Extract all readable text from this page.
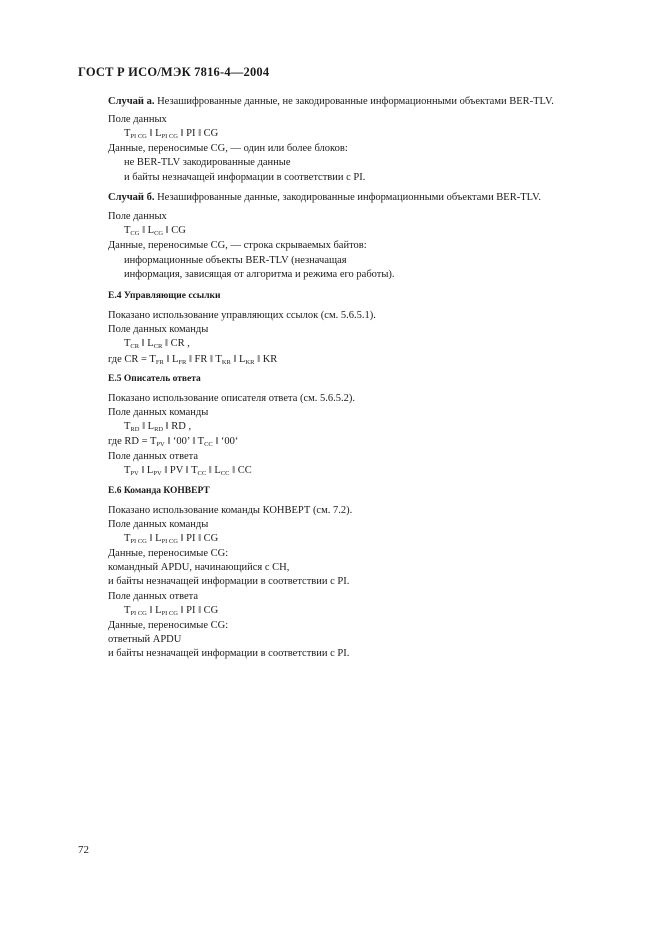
ГОСТ Р ИСО/МЭК 7816-4—2004
Случай а. Незашифрованные данные, не закодированные информационными объектами BER-TLV.
Поле данных
$T_{PI CG}$ ǁ $L_{PI CG}$ ǁ PI ǁ CG
Данные, переносимые CG, — один или более блоков:
не BER-TLV закодированные данные
и байты незначащей информации в соответствии с PI.
Случай б. Незашифрованные данные, закодированные информационными объектами BER-TLV.
Поле данных
$T_{CG}$ ǁ $L_{CG}$ ǁ CG
Данные, переносимые CG, — строка скрываемых байтов:
информационные объекты BER-TLV (незначащая
информация, зависящая от алгоритма и режима его работы).
Е.4 Управляющие ссылки
Показано использование управляющих ссылок (см. 5.6.5.1).
Поле данных команды
$T_{CR}$ ǁ $L_{CR}$ ǁ CR ,
где CR = $T_{FR}$ ǁ $L_{FR}$ ǁ FR ǁ $T_{KR}$ ǁ $L_{KR}$ ǁ KR
Е.5 Описатель ответа
Показано использование описателя ответа (см. 5.6.5.2).
Поле данных команды
$T_{RD}$ ǁ $L_{RD}$ ǁ RD ,
где RD = $T_{PV}$ ǁ ‘00’ ǁ $T_{CC}$ ǁ ‘00‘
Поле данных ответа
$T_{PV}$ ǁ $L_{PV}$ ǁ PV ǁ $T_{CC}$ ǁ $L_{CC}$ ǁ CC
Е.6 Команда КОНВЕРТ
Показано использование команды КОНВЕРТ (см. 7.2).
Поле данных команды
$T_{PI CG}$ ǁ $L_{PI CG}$ ǁ PI ǁ CG
Данные, переносимые CG:
командный APDU, начинающийся с CH,
и байты незначащей информации в соответствии с PI.
Поле данных ответа
$T_{PI CG}$ ǁ $L_{PI CG}$ ǁ PI ǁ CG
Данные, переносимые CG:
ответный APDU
и байты незначащей информации в соответствии с PI.
72
